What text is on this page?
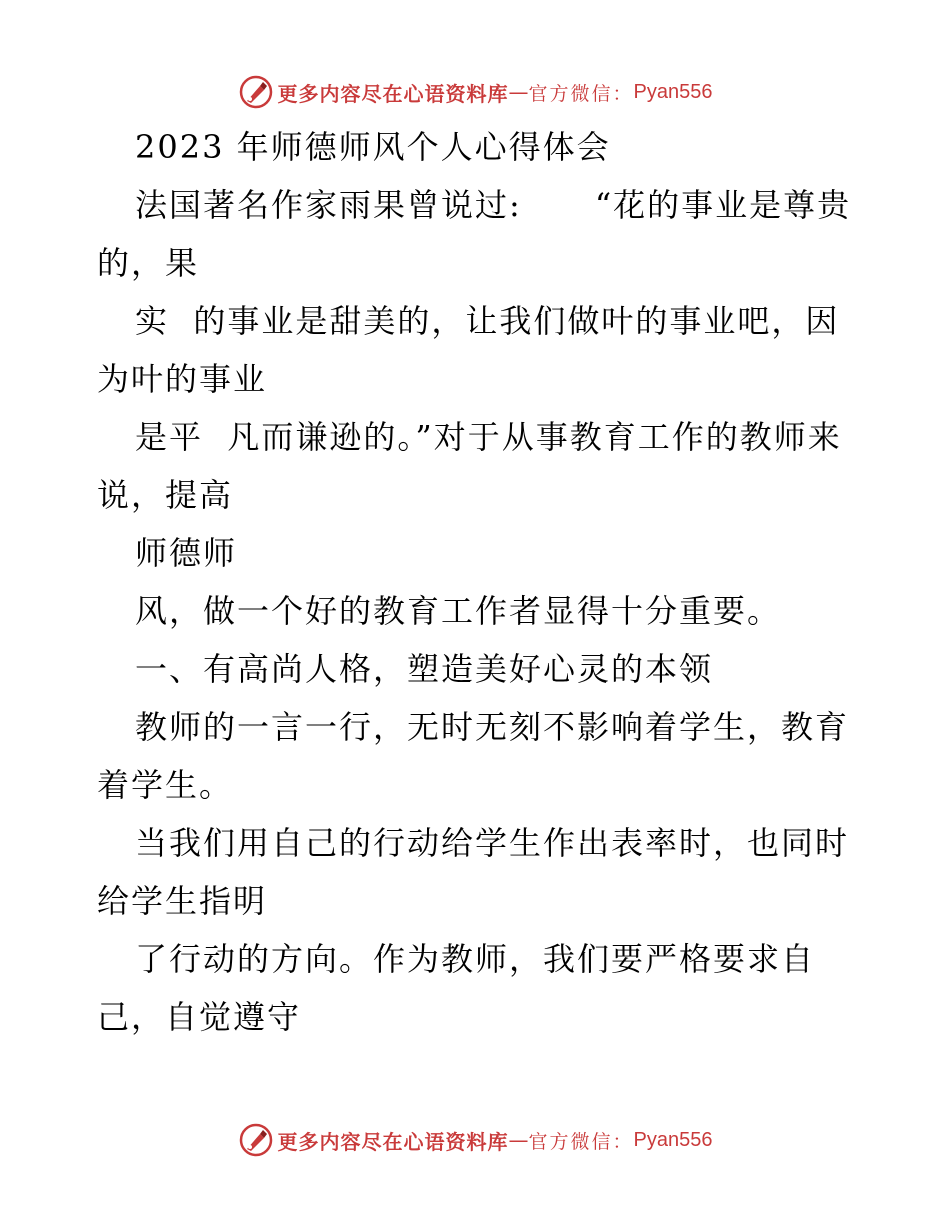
更多内容尽在心语资料库 — 官方微信： Pyan556

2023 年师德师风个人心得体会

法国著名作家雨果曾说过:      “花的事业是尊贵的，果

实  的事业是甜美的，让我们做叶的事业吧，因为叶的事业

是平  凡而谦逊的。”对于从事教育工作的教师来说，提高

师德师

风，做一个好的教育工作者显得十分重要。

一、有高尚人格，塑造美好心灵的本领

教师的一言一行，无时无刻不影响着学生，教育着学生。

当我们用自己的行动给学生作出表率时，也同时给学生指明

了行动的方向。作为教师，我们要严格要求自己，自觉遵守

更多内容尽在心语资料库 — 官方微信： Pyan556
